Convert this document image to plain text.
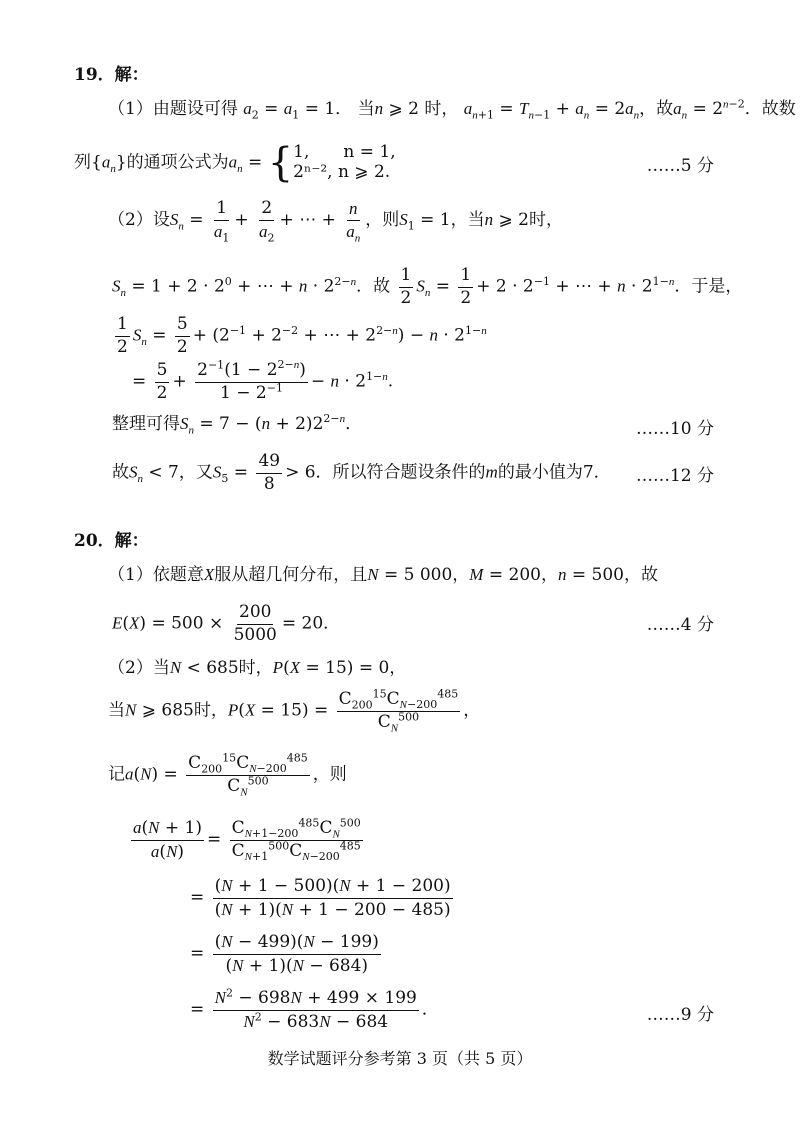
19．解：
（1）由题设可得 $a_2 = a_1 = 1$． 当n ⩾ 2 时， $a_{n+1} = T_{n-1} + a_n = 2a_n$，故$a_n = 2^{n-2}$．故数
列$\{a_n\}$的通项公式为$a_n$ = { 1,　　n = 1,
2ⁿ⁻², n ⩾ 2.	……5 分
（2）设$S_n = \frac{1}{a_1} + \frac{2}{a_2}$ + ⋯ + $\frac{n}{a_n}$ ，则$S_1 = 1$，当n ⩾ 2时，
$S_n = 1 + 2 \cdot 2^0$ + ⋯ + $n \cdot 2^{2-n}$．故 $\frac{1}{2} S_n = \frac{1}{2} + 2 \cdot 2^{-1}$ + ⋯ + $n \cdot 2^{1-n}$．于是，
$\frac{1}{2} S_n = \frac{5}{2} + (2^{-1} + 2^{-2}$ + ⋯ + $2^{2-n}) - n \cdot 2^{1-n}$
= $\frac{5}{2} + \frac{2^{-1}(1 - 2^{2-n})}{1 - 2^{-1}} - n \cdot 2^{1-n}$.
整理可得$S_n = 7 - (n + 2)2^{2-n}$．	……10 分
故$S_n < 7$，又$S_5 = \frac{49}{8} > 6$．所以符合题设条件的m的最小值为7． ……12 分
20．解：
（1）依题意X服从超几何分布，且N = 5 000，M = 200，n = 500，故
$E(X) = 500 \times \frac{200}{5000} = 20$．	……4 分
（2）当N < 685时，P(X = 15) = 0，
当N ⩾ 685时，$P(X = 15) = \frac{C_{200}^{15}C_{N-200}^{485}}{C_N^{500}}$ ，
记$a(N) = \frac{C_{200}^{15}C_{N-200}^{485}}{C_N^{500}}$ ，则
$\frac{a(N + 1)}{a(N)} = \frac{C_{N+1-200}^{485}C_N^{500}}{C_{N+1}^{500}C_{N-200}^{485}}$
= $\frac{(N + 1 - 500)(N + 1 - 200)}{(N + 1)(N + 1 - 200 - 485)}$
= $\frac{(N - 499)(N - 199)}{(N + 1)(N - 684)}$
= $\frac{N^2 - 698N + 499 \times 199}{N^2 - 683N - 684}$ ．	……9 分
数学试题评分参考第 3 页（共 5 页）
